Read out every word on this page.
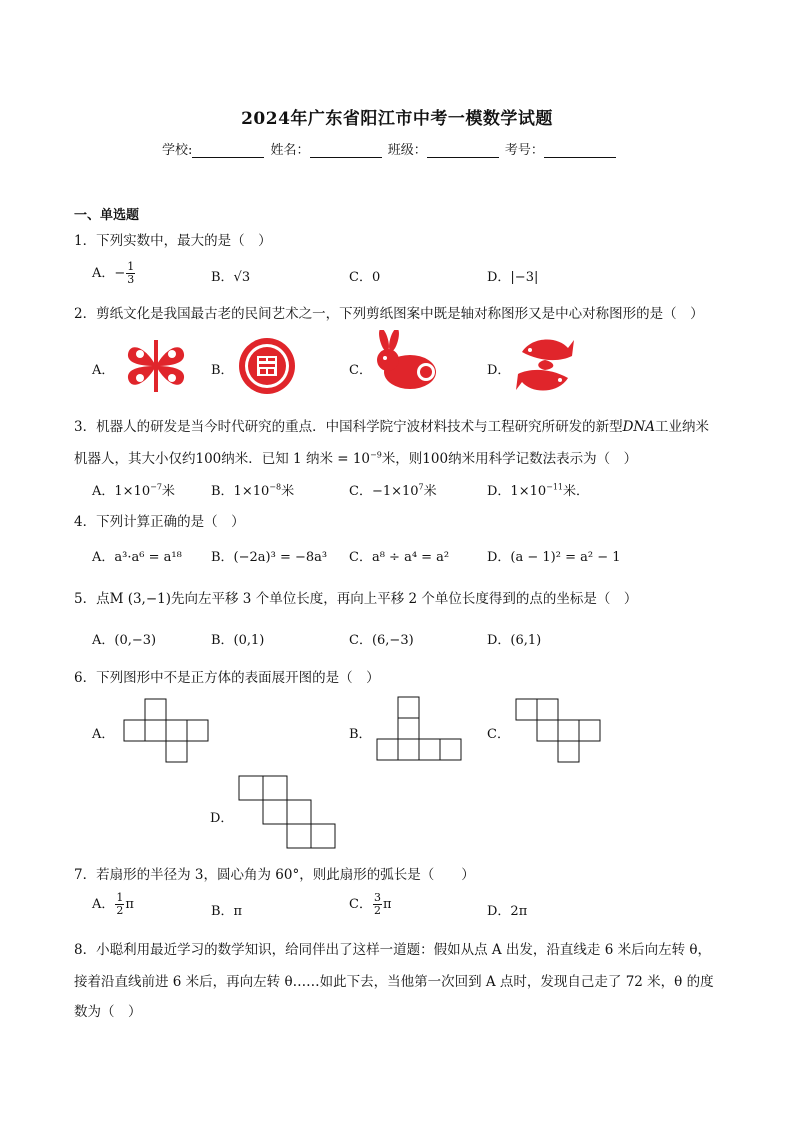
2024年广东省阳江市中考一模数学试题
学校:	姓名：	班级：	考号：
一、单选题
1．下列实数中，最大的是（　）
A．− $\frac{1}{3}$	B．√3	C．0	D．|−3|
2．剪纸文化是我国最古老的民间艺术之一，下列剪纸图案中既是轴对称图形又是中心对称图形的是（　）
A．	B．	C．	D．
3．机器人的研发是当今时代研究的重点．中国科学院宁波材料技术与工程研究所研发的新型DNA工业纳米
机器人，其大小仅约100纳米．已知 1 纳米 = $10^{-9}$米，则100纳米用科学记数法表示为（　）
A．$1\times 10^{-7}$米	B．$1\times 10^{-8}$米	C．$-1\times 10^7$米	D．$1\times 10^{-11}$米．
4．下列计算正确的是（　）
A．a³·a⁶ = a¹⁸ B．(−2a)³ = −8a³ C．a⁸ ÷ a⁴ = a²	D．(a − 1)² = a² − 1
5．点M (3,−1)先向左平移 3 个单位长度，再向上平移 2 个单位长度得到的点的坐标是（　）
A．(0,−3)	B．(0,1)	C．(6,−3)	D．(6,1)
6．下列图形中不是正方体的表面展开图的是（　）
A．	B．	C．
D．
7．若扇形的半径为 3，圆心角为 60°，则此扇形的弧长是（　　）
A． $\frac{1}{2}$ π	B．π	C． $\frac{3}{2}$ π	D．2π
8．小聪利用最近学习的数学知识，给同伴出了这样一道题：假如从点 A 出发，沿直线走 6 米后向左转 θ，
接着沿直线前进 6 米后，再向左转 θ……如此下去，当他第一次回到 A 点时，发现自己走了 72 米，θ 的度
数为（　）
